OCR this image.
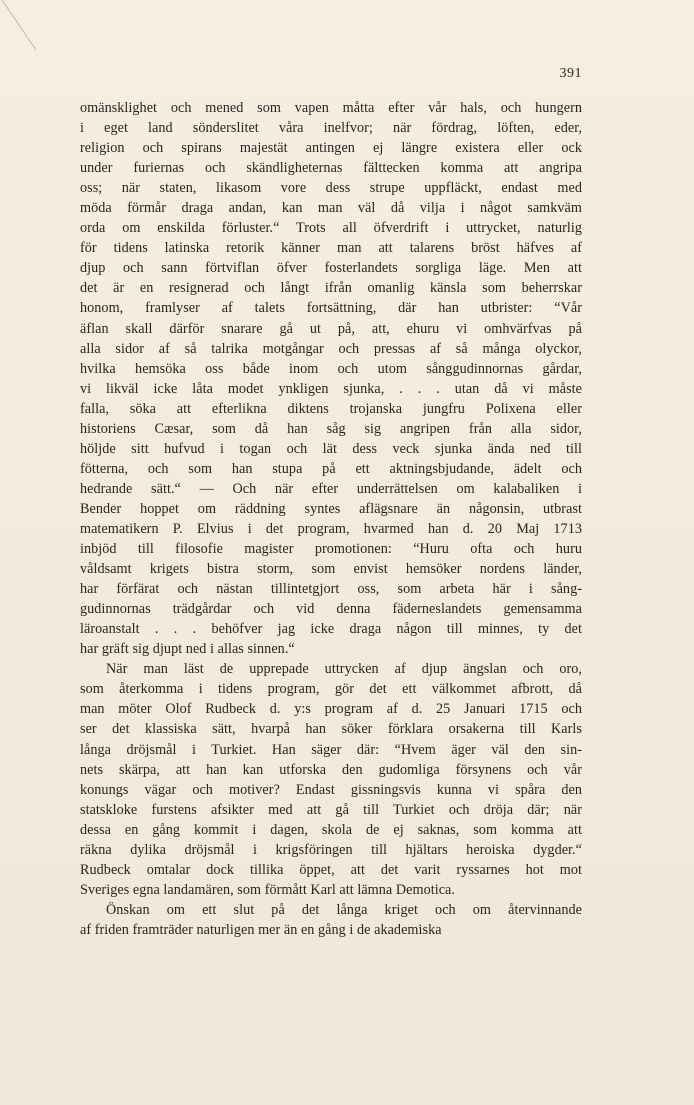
391
omänsklighet och mened som vapen måtta efter vår hals, och hungern
i eget land sönderslitet våra inelfvor; när fördrag, löften, eder,
religion och spirans majestät antingen ej längre existera eller ock
under furiernas och skändligheternas fälttecken komma att angripa
oss; när staten, likasom vore dess strupe uppfläckt, endast med
möda förmår draga andan, kan man väl då vilja i något samkväm
orda om enskilda förluster.“ Trots all öfverdrift i uttrycket, naturlig
för tidens latinska retorik känner man att talarens bröst häfves af
djup och sann förtviflan öfver fosterlandets sorgliga läge. Men att
det är en resignerad och långt ifrån omanlig känsla som beherrskar
honom, framlyser af talets fortsättning, där han utbrister: “Vår
äflan skall därför snarare gå ut på, att, ehuru vi omhvärfvas på
alla sidor af så talrika motgångar och pressas af så många olyckor,
hvilka hemsöka oss både inom och utom sånggudinnornas gårdar,
vi likväl icke låta modet ynkligen sjunka, . . . utan då vi måste
falla, söka att efterlikna diktens trojanska jungfru Polixena eller
historiens Cæsar, som då han såg sig angripen från alla sidor,
höljde sitt hufvud i togan och lät dess veck sjunka ända ned till
fötterna, och som han stupa på ett aktningsbjudande, ädelt och
hedrande sätt.“ — Och när efter underrättelsen om kalabaliken i
Bender hoppet om räddning syntes aflägsnare än någonsin, utbrast
matematikern P. Elvius i det program, hvarmed han d. 20 Maj 1713
inbjöd till filosofie magister promotionen: “Huru ofta och huru
våldsamt krigets bistra storm, som envist hemsöker nordens länder,
har förfärat och nästan tillintetgjort oss, som arbeta här i sång-
gudinnornas trädgårdar och vid denna fäderneslandets gemensamma
läroanstalt . . . behöfver jag icke draga någon till minnes, ty det
har gräft sig djupt ned i allas sinnen.“
När man läst de upprepade uttrycken af djup ängslan och oro,
som återkomma i tidens program, gör det ett välkommet afbrott, då
man möter Olof Rudbeck d. y:s program af d. 25 Januari 1715 och
ser det klassiska sätt, hvarpå han söker förklara orsakerna till Karls
långa dröjsmål i Turkiet. Han säger där: “Hvem äger väl den sin-
nets skärpa, att han kan utforska den gudomliga försynens och vår
konungs vägar och motiver? Endast gissningsvis kunna vi spåra den
statskloke furstens afsikter med att gå till Turkiet och dröja där; när
dessa en gång kommit i dagen, skola de ej saknas, som komma att
räkna dylika dröjsmål i krigsföringen till hjältars heroiska dygder.“
Rudbeck omtalar dock tillika öppet, att det varit ryssarnes hot mot
Sveriges egna landamären, som förmått Karl att lämna Demotica.
Önskan om ett slut på det långa kriget och om återvinnande
af friden framträder naturligen mer än en gång i de akademiska
